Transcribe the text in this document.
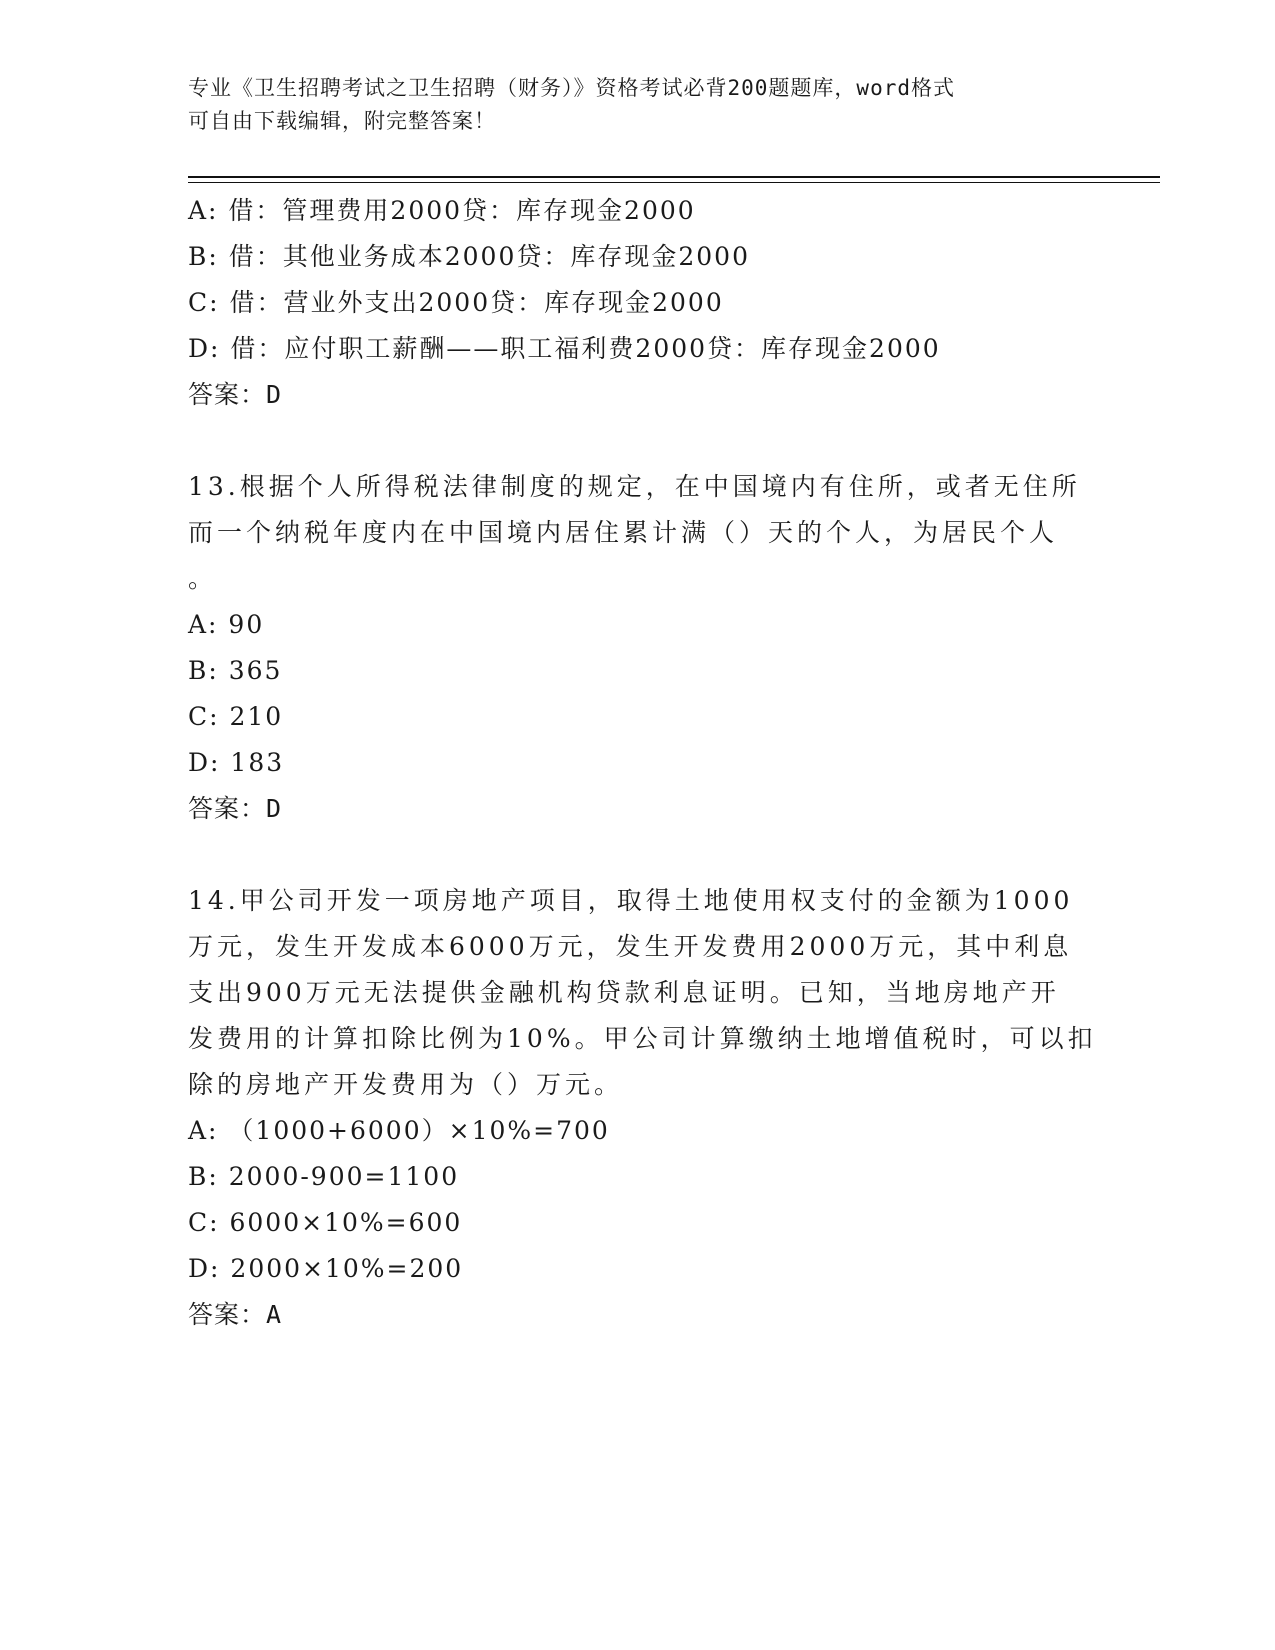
专业《卫生招聘考试之卫生招聘（财务）》资格考试必背200题题库，word格式
可自由下载编辑，附完整答案！
A: 借：管理费用2000贷：库存现金2000
B: 借：其他业务成本2000贷：库存现金2000
C: 借：营业外支出2000贷：库存现金2000
D: 借：应付职工薪酬——职工福利费2000贷：库存现金2000
答案：D
13.根据个人所得税法律制度的规定，在中国境内有住所，或者无住所
而一个纳税年度内在中国境内居住累计满（）天的个人，为居民个人
。
A: 90
B: 365
C: 210
D: 183
答案：D
14.甲公司开发一项房地产项目，取得土地使用权支付的金额为1000
万元，发生开发成本6000万元，发生开发费用2000万元，其中利息
支出900万元无法提供金融机构贷款利息证明。已知，当地房地产开
发费用的计算扣除比例为10%。甲公司计算缴纳土地增值税时，可以扣
除的房地产开发费用为（）万元。
A: （1000+6000）×10%=700
B: 2000-900=1100
C: 6000×10%=600
D: 2000×10%=200
答案：A
